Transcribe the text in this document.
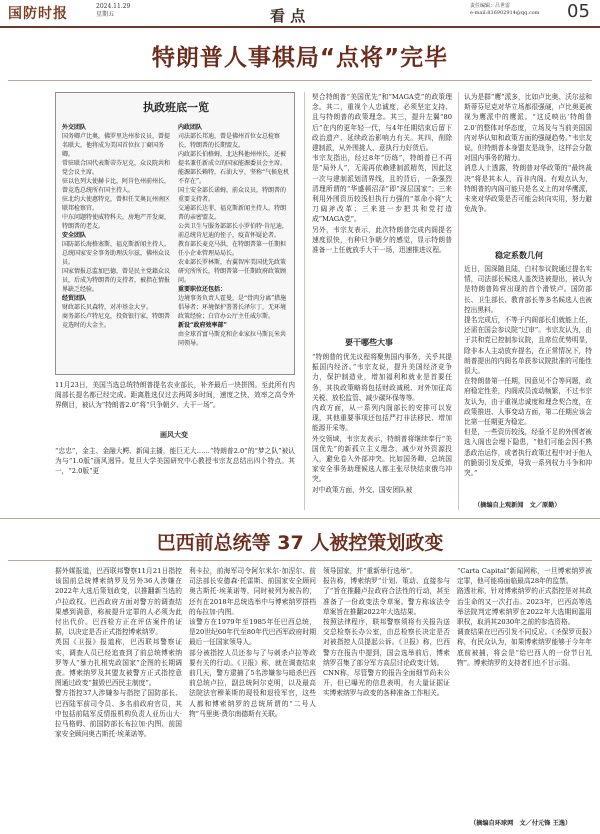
国防时报	2024.11.29
星期五	看 点
责任编辑：吕世雷
e-mail:836902914@qq.com 05
特朗普人事棋局“点将”完毕
执政班底一览

外交团队
国务卿卢比奥，佛罗里达州参议员，曾提名联大，他将成为美国首位拉丁裔国务卿。

常驻联合国代表斯蒂芬尼克，众议院共和党会议主席。

驻以色列大使赫卡比，阿肯色州前州长，曾竞选总统所有国主持人。

驻北约大使惠特克，曾担任艾奥瓦州南区联邦检察官。

中东问题特使威特科夫，房地产开发商，特朗普的老友。

安全团队
国防部长海格塞斯，福克斯新闻主持人。

总统国家安全事务助理沃尔兹，佛州众议员。

国家情报总监加巴德，曾是民主党籍众议员，后成为特朗普的支持者，被指在情报界缺乏经验。

经贸团队
财政部长贝森特，对冲基金大亨。

商务部长卢特尼克，投资银行家，特朗普竞选时的大金主。

内政团队
司法部长邦迪，曾是佛州首位女总检察长，特朗普的长期盟友。

内政部长伯格姆，北达科他州州长，还被提名兼任新成立的国家能源委员会主席。

能源部长赖特，石油大亨，坚称“气候危机不存在”。

国土安全部长诺姆，前众议员，特朗普的重要支持者。

交通部长达菲，福克斯新闻主持人，特朗普的亲密盟友。

公共卫生与服务部部长小罗伯特·肯尼迪，前总统肯尼迪的侄子，疫苗怀疑论者。

教育部长麦克马洪，在特朗普第一任期担任小企业管理局局长。

农业部长罗林斯，右翼智库美国优先政策研究所所长，特朗普第一任期政府政策顾问。

重要职位还包括：
边境事务负责人霍曼，是“骨肉分离”措施倡导者；环境保护署署长泽尔丁，无环境政策经验；白宫办公厅主任威尔斯。

新设“政府效率部”
由全球首富马斯克和企业家拉马斯瓦米共同领导。

11月23日，美国当选总统特朗普提名农业部长，补齐最后一块拼图。至此所有内阁部长提名都已经完成。距离胜选仅过去两周多时间，速度之快、效率之高令外界侧目，被认为“特朗普2.0”将“只争朝夕、大干一场”。
画风大变
“忠忠”，金主、金融大鳄、新闻主播，能巨无大……“特朗普2.0”的“梦之队”被认为与“1.0版”画风迥异。复旦大学美国研究中心教授韦宗友总结出四个特点。其一，“2.0版”更
契合特朗普“美国优先”和“MAGA党”的政策理念。其二，重视个人忠诚度，必须坚定支持、且与特朗普的政策理念。其三，提升左翼“80后”在内的更年轻一代，与4年任期结束后留下政治遗产、延续政治影响力有关。其四，削除建制派，从外围挑人、意执行力好货后。
韦宗友指出，经过8年“历练”，特朗普已不再是“局外人”，无需再依赖建制派精英，因此这一次与建制派划清界线，且的背后，一条强烈清理所谓的“华盛顿沼泽”即“深层国家”；三来利用外围资历较浅但执行力强的“革命小将”大刀阔斧改革；三来进一步把共和党打造成“MAGA党”。
另外，韦宗友表示，此次特朗普完成内阁提名速度很快，有种只争朝夕的感觉，显示特朗普准备一上任就放手大干一场，迅速推进议程。
要干哪些大事
“特朗普的优先议程将聚焦国内事务，关乎其提振国内经济。”韦宗友说，提升美国经济竞争力，保护制造业，增加福利和就业是首要任务，其执政策略将包括财政减税、对外加征高关税、放松监管、减少碳环保等等。
内政方面，从一系列内阁部长的安排可以发现，其他重要事项还包括严打非法移民、增加能源开采等。
外交领域，韦宗友表示，特朗普将继续奉行“美国优先”的新孤立主义理念，减少对外资源投入，避免卷入外部冲突。比如国务卿、总统国家安全事务助理候选人都主张尽快结束俄乌冲突。
对中政策方面，外交、国安团队被
认为是群“鹰”派多，比如卢比奥、沃尔兹和斯蒂芬尼克对华立场都很强硬，卢比奥更被视为鹰派中的鹰派。“这反映出‘特朗普2.0’的整体对华态度，立场及与当前美国国内对华认知和政策方面的强硬趋势。”韦宗友说，但特朗普本身盟友是战争，这样会分散对国内事务的精力。
消息人士透露，特朗普对华政策的“最终裁决”将是其本人，而非内阁。有观点认为，特朗普的内阁可能只是名义上的对华鹰派，未来对华政策是否可能会转向实用，努力避免战争。
稳定系数几何
近日，国深随且陆，白村参议院通过提名实情，司法部长候选人盖茨迭被提出，被认为是特朗普阵营出现的首个滑铁卢。国防部长、卫生部长、教育部长等多名候选人也被控出黑料。
提名完成后，不等于内阁部长们就能上任，还需在国会参议院“过审”。韦宗友认为，由于共和党已控制参议院，且席位优势明显，除非本人主动放弃提名，在正常情况下，特朗普提出的内阁名单获参议院批准的可能性很大。
在特朗普第一任期，因意见不合等问题，政府稳定性差，内阁成员流动频繁，不过韦宗友认为，由于重视忠诚度和理念契合度，在政策推进、人事变动方面，第二任期应该会比第一任期更为稳定。
但是，一些资历较浅，经验不足的外围者被选入阁也会埋下隐患，“他们可能会因不熟悉政治运作，或者执行政策过程中对于他人的脆弱引发反弹，导致一系列权力斗争和冲突。”
（摘编自上观新闻　文／原勤）
巴西前总统等 37 人被控策划政变
据外媒报道，巴西联邦警察11月21日指控该国前总统博索纳罗及另外36人涉嫌在2022年大选后策划政变，以推翻新当选的卢拉政权。巴西政府方面对警方的调查结果感到满意，称被提升定罪的人必须为此付出代价。巴西检方正在评估案件的证据，以决定是否正式指控博索纳罗。
英国《卫报》报道称，巴西联邦警察证实，调查人员已经追查到了前总统博索纳罗等人“暴力扎根宪政国家”企图的长期调查。博索纳罗及其盟友被警方正式指控意图通过政变“摧毁巴西民主制度”。
警方指控37人涉嫌参与指控了国防部长、巴西陆军前司令员、多名前政府官员，其中包括前陆军反情报机构负责人亚历山大·拉马格姆、前国防部长布拉加·内图、前国家安全顾问奥古斯托·埃莱诺等。
利卡拉，前海军司令阿尔米尔·加涅尔、前司法部长安德森·托雷斯、前国家安全顾问奥古斯托·埃莱诺等，同时被列为被告的，还有在2018年总统选举中与博索纳罗搭档的布拉加·内图。
该警方在1979年至1985年任巴西总统，是20世纪60年代至80年代巴西军政府时期最后一任国家领导人。
部分被指控人员还参与了与刺杀卢拉等政要有关的行动。《卫报》称，就在调查结束前几天，警方逮捕了5名涉嫌参与暗杀巴西前总统卢拉，副总统阿尔克明，以及最高法院法官穆莱斯的现役和退役军官，这些人都和博索纳罗的总统所谓的“二号人物”马里奥·费尔南德斯有关联。
领导国家，并“重新举行选举”。
报告称，博索纳罗“计划、策动、直接参与了”旨在推翻卢拉政府合法性的行动，甚至准备了一份政变法令草案。警方称该法令草案旨在推翻2022年大选结果。
按照法律程序，联邦警察须将有关报告送交总检察长办公室，由总检察长决定是否对被指控人员提起公诉。《卫报》称，巴西警方在报告中提到，国会选举前后，博索纳罗召集了部分军方高层讨论政变计划。
CNN称，尽管警方的报告全面细节尚未公开，但已曝光的信息表明，有大量证据证实博索纳罗与政变的各种准备工作相关。
“Carta Capital”新闻网称，一旦博索纳罗被定罪，他可能将面临最高28年的监禁。
路透社称，针对博索纳罗的正式指控是对其政治生命的又一次打击。2023年，巴西高等选举法院判定博索纳罗在2022年大选期间滥用职权，取消其2030年之前的参选资格。
调查结果在巴西引发不同反应。《圣保罗页报》称，有民众认为，如果博索纳罗能够于今年年底前被捕，将会是“给巴西人的一份节日礼物”。博索纳罗的支持者们也不甘示弱。
（摘编自环球网　文／付元锋 王逸）
